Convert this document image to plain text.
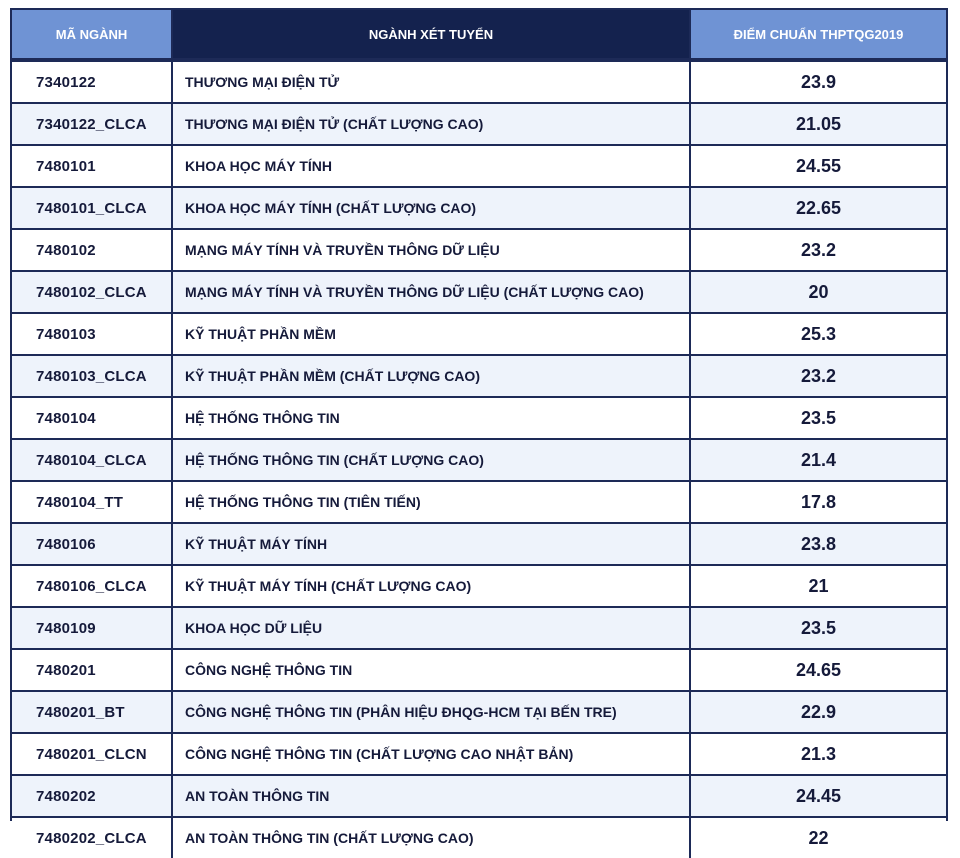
MÃ NGÀNH	NGÀNH XÉT TUYỂN	ĐIỂM CHUẨN THPTQG2019
7340122	THƯƠNG MẠI ĐIỆN TỬ	23.9
7340122_CLCA	THƯƠNG MẠI ĐIỆN TỬ (CHẤT LƯỢNG CAO)	21.05
7480101	KHOA HỌC MÁY TÍNH	24.55
7480101_CLCA	KHOA HỌC MÁY TÍNH (CHẤT LƯỢNG CAO)	22.65
7480102	MẠNG MÁY TÍNH VÀ TRUYỀN THÔNG DỮ LIỆU	23.2
7480102_CLCA	MẠNG MÁY TÍNH VÀ TRUYỀN THÔNG DỮ LIỆU (CHẤT LƯỢNG CAO)	20
7480103	KỸ THUẬT PHẦN MỀM	25.3
7480103_CLCA	KỸ THUẬT PHẦN MỀM (CHẤT LƯỢNG CAO)	23.2
7480104	HỆ THỐNG THÔNG TIN	23.5
7480104_CLCA	HỆ THỐNG THÔNG TIN (CHẤT LƯỢNG CAO)	21.4
7480104_TT	HỆ THỐNG THÔNG TIN (TIÊN TIẾN)	17.8
7480106	KỸ THUẬT MÁY TÍNH	23.8
7480106_CLCA	KỸ THUẬT MÁY TÍNH (CHẤT LƯỢNG CAO)	21
7480109	KHOA HỌC DỮ LIỆU	23.5
7480201	CÔNG NGHỆ THÔNG TIN	24.65
7480201_BT	CÔNG NGHỆ THÔNG TIN (PHÂN HIỆU ĐHQG-HCM TẠI BẾN TRE)	22.9
7480201_CLCN	CÔNG NGHỆ THÔNG TIN (CHẤT LƯỢNG CAO NHẬT BẢN)	21.3
7480202	AN TOÀN THÔNG TIN	24.45
7480202_CLCA	AN TOÀN THÔNG TIN (CHẤT LƯỢNG CAO)	22
